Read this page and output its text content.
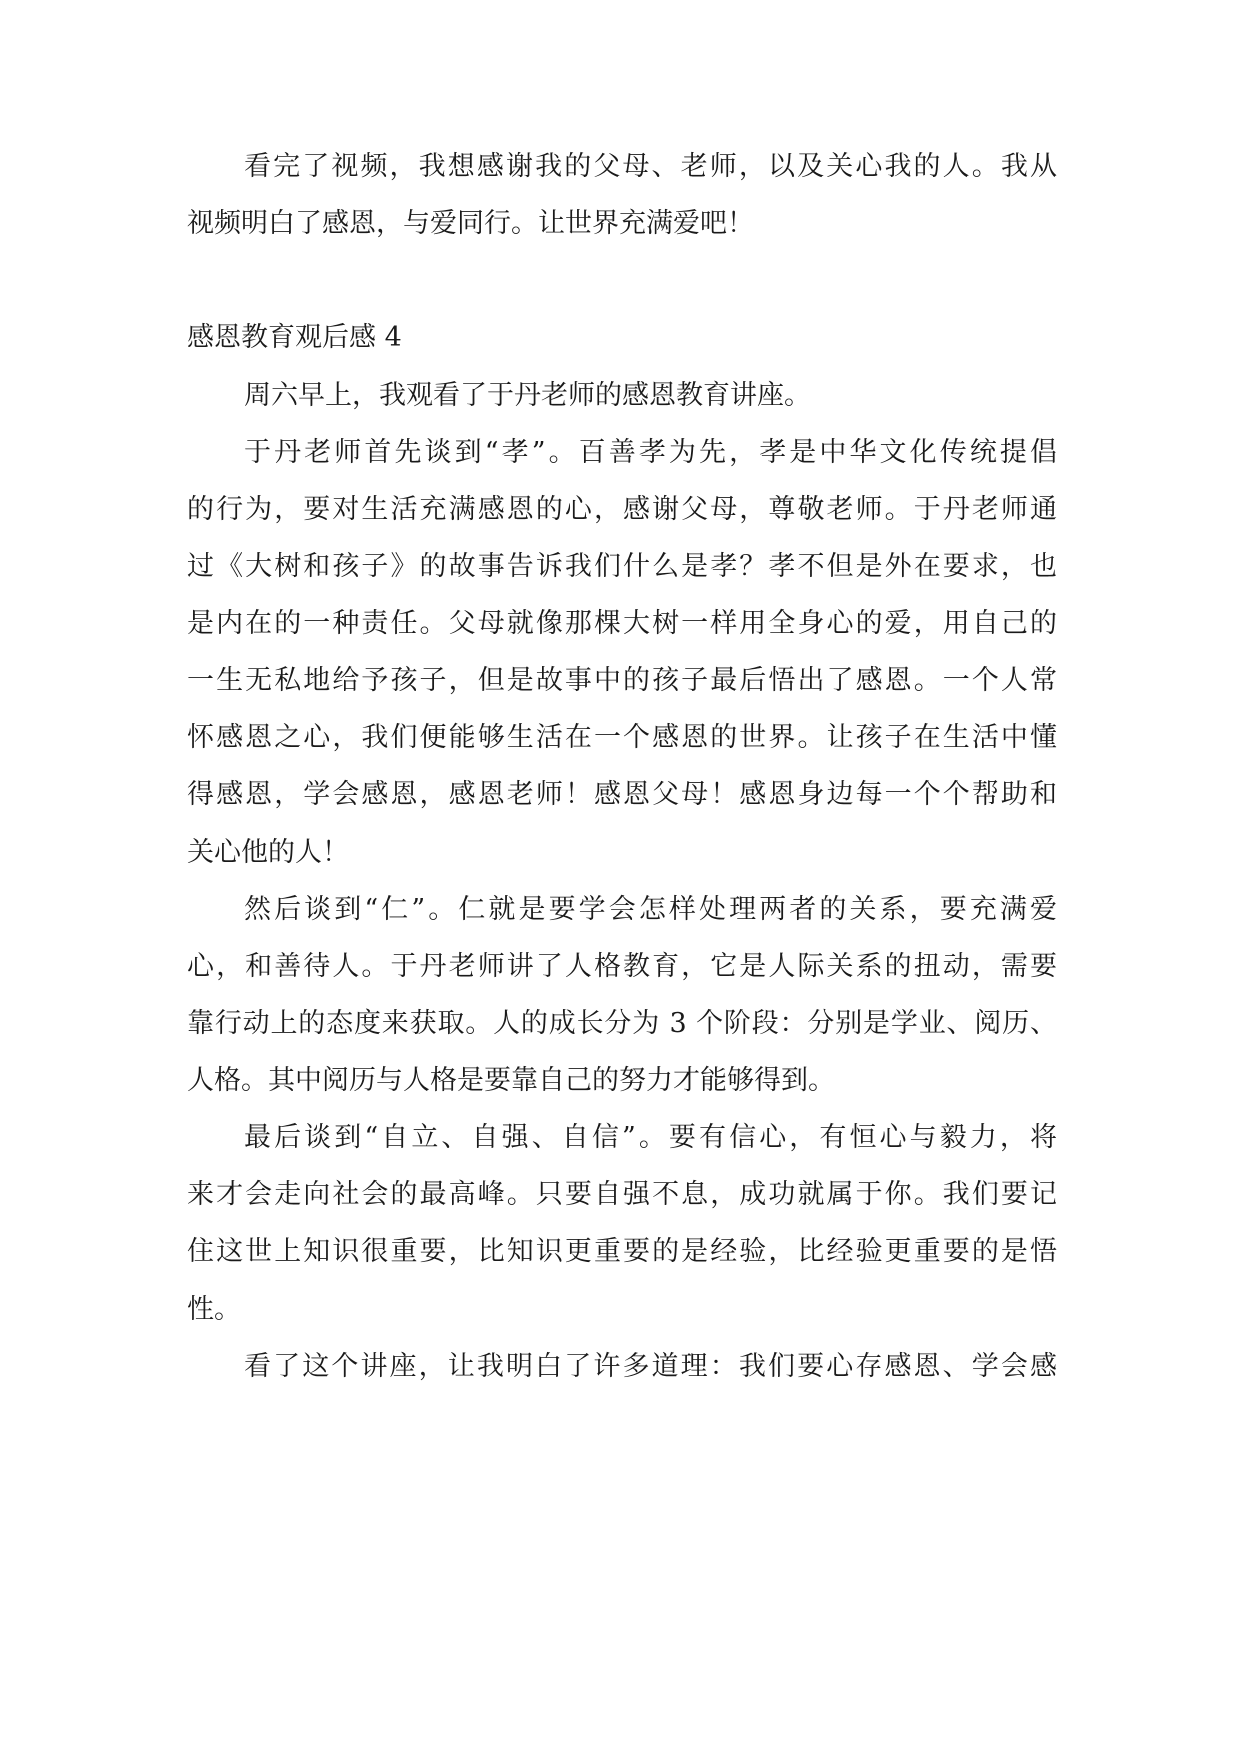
看完了视频，我想感谢我的父母、老师，以及关心我的人。我从
视频明白了感恩，与爱同行。让世界充满爱吧！
感恩教育观后感 4
周六早上，我观看了于丹老师的感恩教育讲座。
于丹老师首先谈到“孝”。百善孝为先，孝是中华文化传统提倡
的行为，要对生活充满感恩的心，感谢父母，尊敬老师。于丹老师通
过《大树和孩子》的故事告诉我们什么是孝？孝不但是外在要求，也
是内在的一种责任。父母就像那棵大树一样用全身心的爱，用自己的
一生无私地给予孩子，但是故事中的孩子最后悟出了感恩。一个人常
怀感恩之心，我们便能够生活在一个感恩的世界。让孩子在生活中懂
得感恩，学会感恩，感恩老师！感恩父母！感恩身边每一个个帮助和
关心他的人！
然后谈到“仁”。仁就是要学会怎样处理两者的关系，要充满爱
心，和善待人。于丹老师讲了人格教育，它是人际关系的扭动，需要
靠行动上的态度来获取。人的成长分为 3 个阶段：分别是学业、阅历、
人格。其中阅历与人格是要靠自己的努力才能够得到。
最后谈到“自立、自强、自信”。要有信心，有恒心与毅力，将
来才会走向社会的最高峰。只要自强不息，成功就属于你。我们要记
住这世上知识很重要，比知识更重要的是经验，比经验更重要的是悟
性。
看了这个讲座，让我明白了许多道理：我们要心存感恩、学会感
